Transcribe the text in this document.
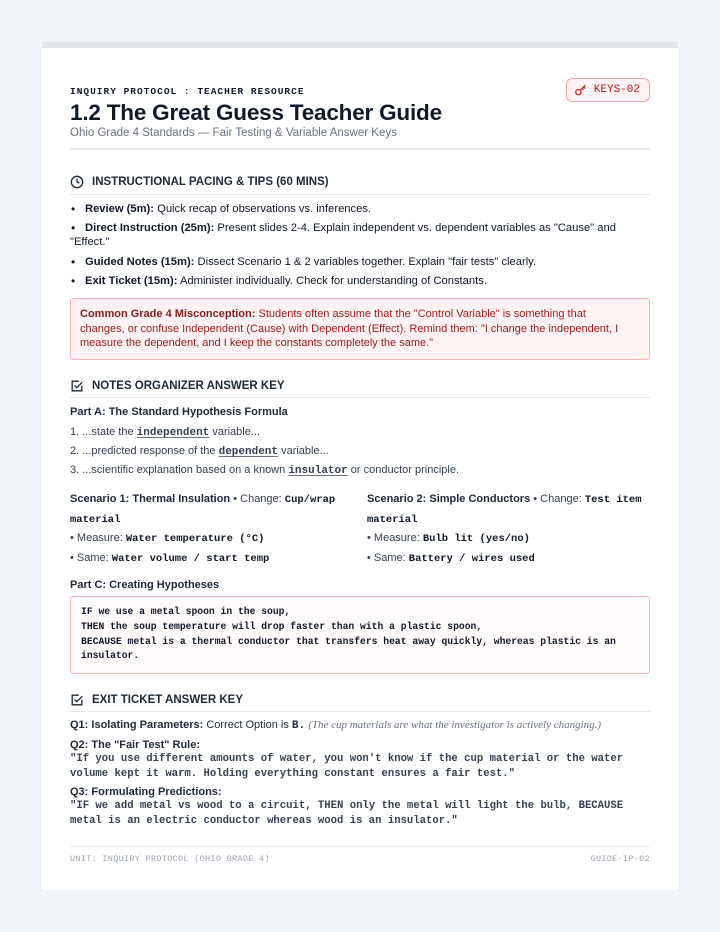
INQUIRY PROTOCOL : TEACHER RESOURCE	KEYS-02
1.2 The Great Guess Teacher Guide
Ohio Grade 4 Standards — Fair Testing & Variable Answer Keys
INSTRUCTIONAL PACING & TIPS (60 MINS)
• Review (5m): Quick recap of observations vs. inferences.
• Direct Instruction (25m): Present slides 2-4. Explain independent vs. dependent variables as "Cause" and
"Effect."
• Guided Notes (15m): Dissect Scenario 1 & 2 variables together. Explain "fair tests" clearly.
• Exit Ticket (15m): Administer individually. Check for understanding of Constants.
Common Grade 4 Misconception: Students often assume that the "Control Variable" is something that
changes, or confuse Independent (Cause) with Dependent (Effect). Remind them: "I change the independent, I
measure the dependent, and I keep the constants completely the same."
NOTES ORGANIZER ANSWER KEY
Part A: The Standard Hypothesis Formula
1. ...state the independent variable...
2. ...predicted response of the dependent variable...
3. ...scientific explanation based on a known insulator or conductor principle.
Scenario 1: Thermal Insulation • Change: Cup/wrap
material
• Measure: Water temperature (°C)
• Same: Water volume / start temp
Scenario 2: Simple Conductors • Change: Test item
material
• Measure: Bulb lit (yes/no)
• Same: Battery / wires used
Part C: Creating Hypotheses
IF we use a metal spoon in the soup,
THEN the soup temperature will drop faster than with a plastic spoon,
BECAUSE metal is a thermal conductor that transfers heat away quickly, whereas plastic is an
insulator.
EXIT TICKET ANSWER KEY
Q1: Isolating Parameters: Correct Option is B. (The cup materials are what the investigator is actively changing.)
Q2: The "Fair Test" Rule:
"If you use different amounts of water, you won't know if the cup material or the water
volume kept it warm. Holding everything constant ensures a fair test."
Q3: Formulating Predictions:
"IF we add metal vs wood to a circuit, THEN only the metal will light the bulb, BECAUSE
metal is an electric conductor whereas wood is an insulator."
UNIT: INQUIRY PROTOCOL (OHIO GRADE 4)	GUIDE-IP-02
